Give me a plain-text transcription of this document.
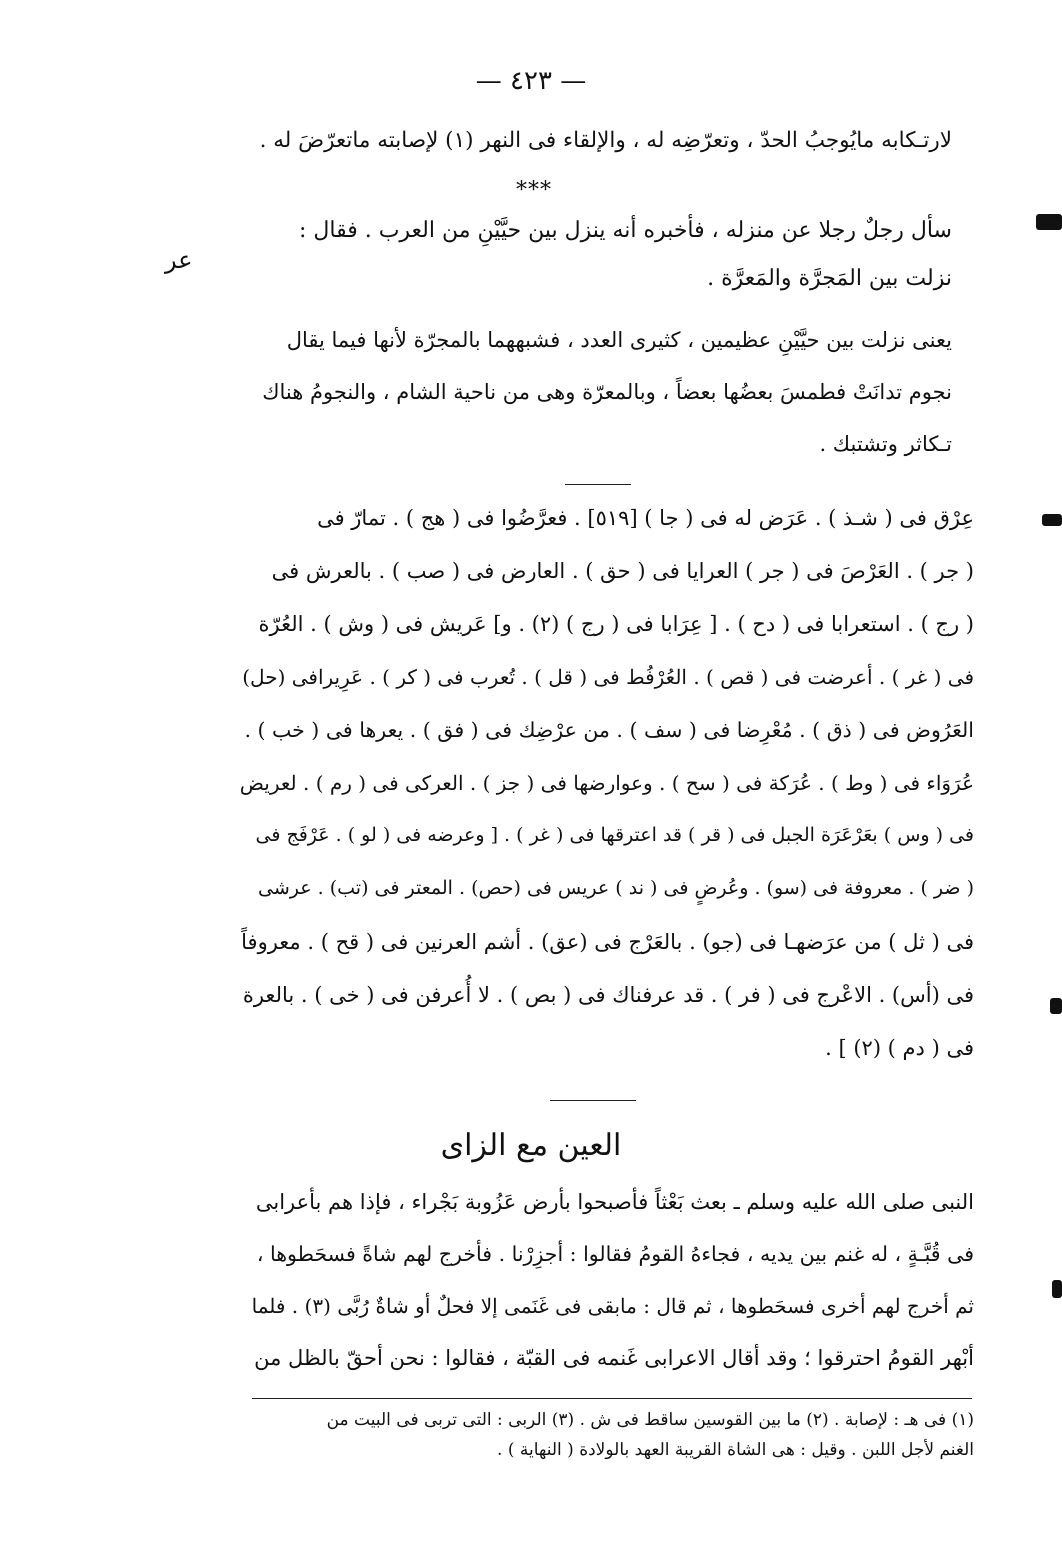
— ٤٢٣ —
لارتـكابه مايُوجبُ الحدّ ، وتعرّضِه له ، والإلقاء فى النهر (١) لإصابته ماتعرّضَ له .
***
عر
سأل رجلٌ رجلا عن منزله ، فأخبره أنه ينزل بين حيَّيْنِ من العرب . فقال :
نزلت بين المَجرَّة والمَعرَّة .
يعنى نزلت بين حيَّيْنِ عظيمين ، كثيرى العدد ، فشبههما بالمجرّة لأنها فيما يقال
نجوم تدانَتْ فطمسَ بعضُها بعضاً ، وبالمعرّة وهى من ناحية الشام ، والنجومُ هناك
تـكاثر وتشتبك .
عِرْق فى ( شـذ ) . عَرَض له فى ( جا ) [٥١٩] . فعرَّضُوا فى ( هج ) . تمارّ فى
( جر ) . العَرْصَ فى ( جر ) العرايا فى ( حق ) . العارض فى ( صب ) . بالعرش فى
( رج ) . استعرابا فى ( دح ) . [ عِرَابا فى ( رج ) (٢) . و] عَريش فى ( وش ) . العُرّة
فى ( غر ) . أعرضت فى ( قص ) . العُرْفُط فى ( قل ) . تُعرب فى ( كر ) . عَرِيرافى (حل)
العَرُوض فى ( ذق ) . مُعْرِضا فى ( سف ) . من عرْضِك فى ( فق ) . يعرها فى ( خب ) .
عُرَوَاء فى ( وط ) . عُرَكة فى ( سح ) . وعوارضها فى ( جز ) . العركى فى ( رم ) . لعريض
فى ( وس ) بعَرْعَرَة الجبل فى ( قر ) قد اعترقها فى ( غر ) . [ وعرضه فى ( لو ) . عَرْفَج فى
( ضر ) . معروفة فى (سو) . وعُرضٍ فى ( ند ) عريس فى (حص) . المعتر فى (تب) . عرشى
فى ( ثل ) من عرَضهـا فى (جو) . بالعَرْج فى (عق) . أشم العرنين فى ( قح ) . معروفاً
فى (أس) . الاعْرج فى ( فر ) . قد عرفناك فى ( بص ) . لا أُعرفن فى ( خى ) . بالعرة
فى ( دم ) (٢) ] .
العين مع الزاى
النبى صلى الله عليه وسلم ـ بعث بَعْثاً فأصبحوا بأرض عَزُوبة بَجْراء ، فإذا هم بأعرابى
فى قُبَّـةٍ ، له غنم بين يديه ، فجاءهُ القومُ فقالوا : أجزِرْنا . فأخرج لهم شاةً فسحَطوها ،
ثم أخرج لهم أخرى فسحَطوها ، ثم قال : مابقى فى غَنَمى إلا فحلٌ أو شاةٌ رُبَّى (٣) . فلما
أبْهر القومُ احترقوا ؛ وقد أقال الاعرابى غَنمه فى القبّة ، فقالوا : نحن أحقّ بالظل من
(١) فى هـ : لإصابة . (٢) ما بين القوسين ساقط فى ش . (٣) الربى : التى تربى فى البيت من
الغنم لأجل اللبن . وقيل : هى الشاة القريبة العهد بالولادة ( النهاية ) .
